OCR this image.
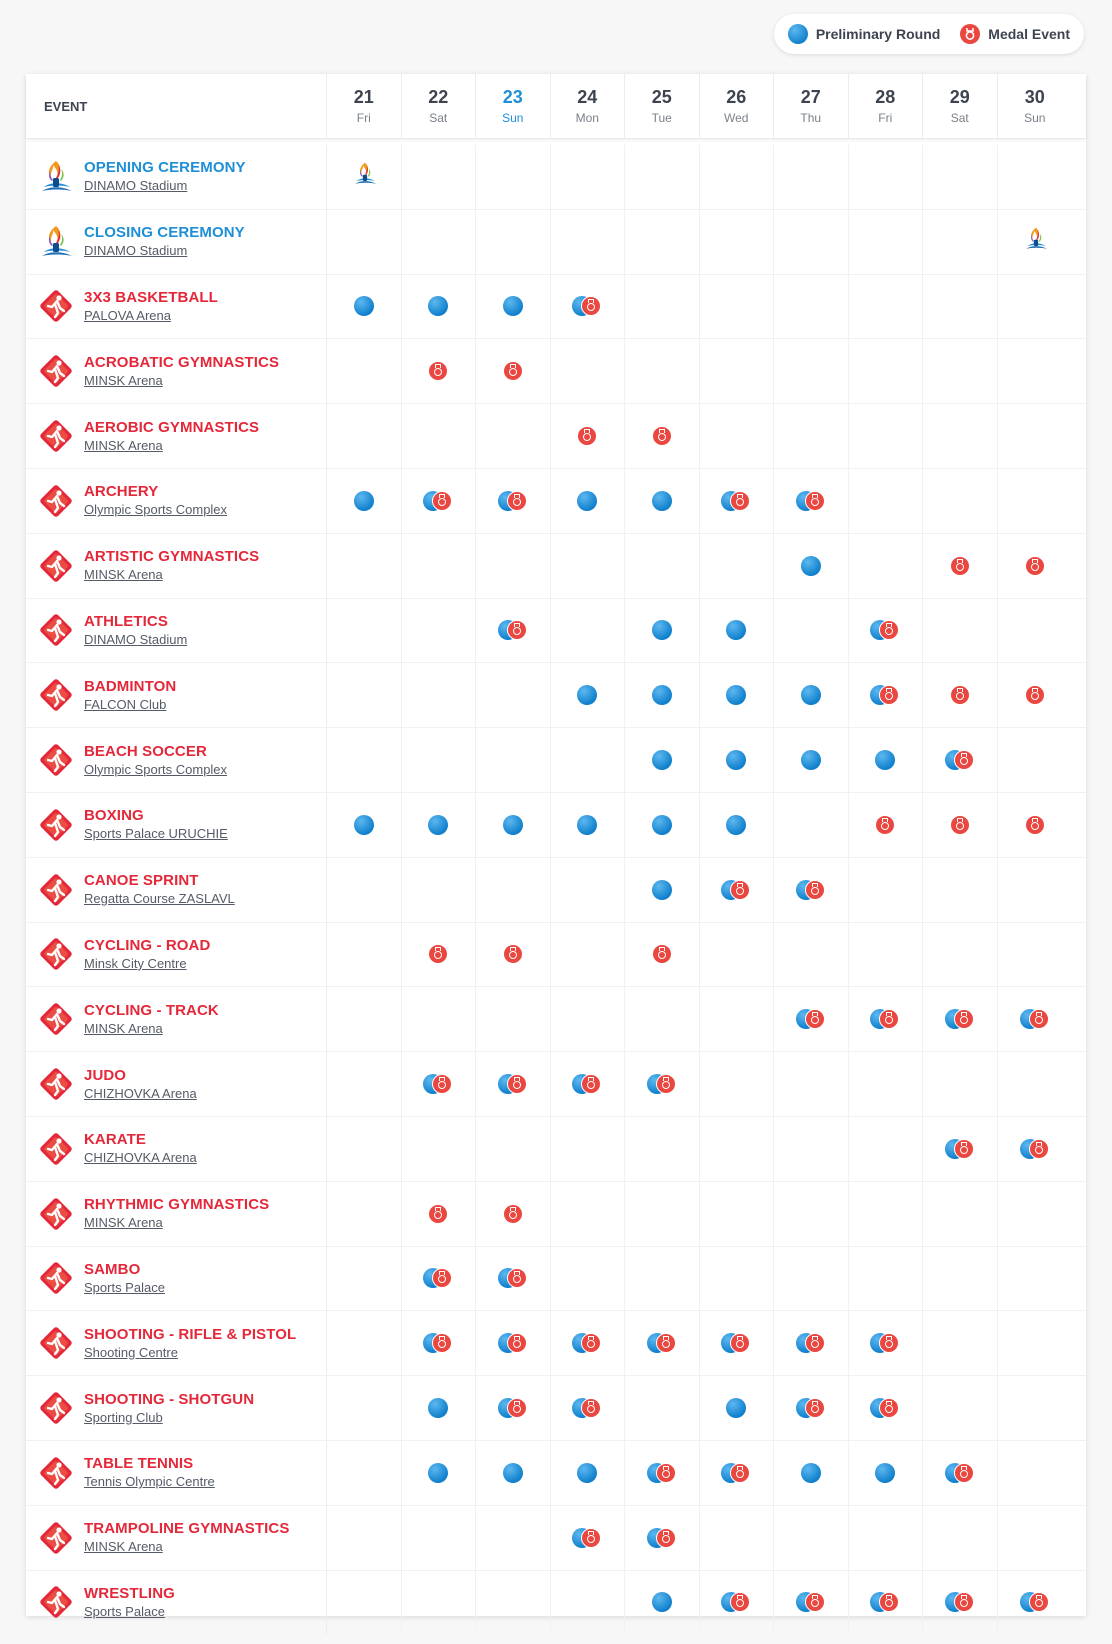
Preliminary Round	Medal Event
EVENT	21
Fri
22
Sat
23
Sun
24
Mon
25
Tue
26
Wed
27
Thu
28
Fri
29
Sat
30
Sun
OPENING CEREMONY
DINAMO Stadium
CLOSING CEREMONY
DINAMO Stadium
3X3 BASKETBALL
PALOVA Arena
ACROBATIC GYMNASTICS
MINSK Arena
AEROBIC GYMNASTICS
MINSK Arena
ARCHERY
Olympic Sports Complex
ARTISTIC GYMNASTICS
MINSK Arena
ATHLETICS
DINAMO Stadium
BADMINTON
FALCON Club
BEACH SOCCER
Olympic Sports Complex
BOXING
Sports Palace URUCHIE
CANOE SPRINT
Regatta Course ZASLAVL
CYCLING - ROAD
Minsk City Centre
CYCLING - TRACK
MINSK Arena
JUDO
CHIZHOVKA Arena
KARATE
CHIZHOVKA Arena
RHYTHMIC GYMNASTICS
MINSK Arena
SAMBO
Sports Palace
SHOOTING - RIFLE & PISTOL
Shooting Centre
SHOOTING - SHOTGUN
Sporting Club
TABLE TENNIS
Tennis Olympic Centre
TRAMPOLINE GYMNASTICS
MINSK Arena
WRESTLING
Sports Palace
